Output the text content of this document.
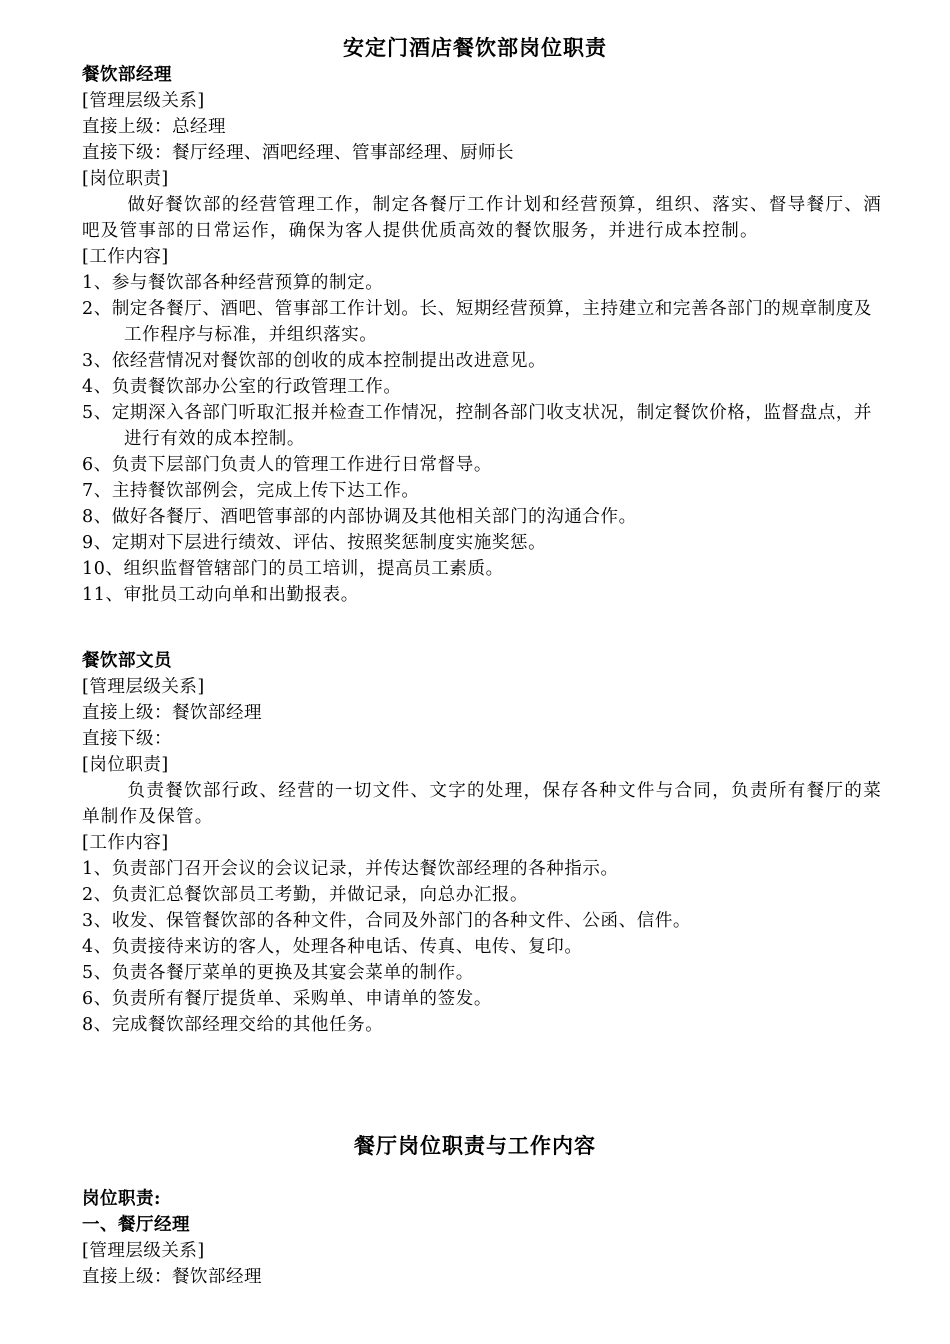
安定门酒店餐饮部岗位职责
餐饮部经理
[管理层级关系]
直接上级：总经理
直接下级：餐厅经理、酒吧经理、管事部经理、厨师长
[岗位职责]
做好餐饮部的经营管理工作，制定各餐厅工作计划和经营预算，组织、落实、督导餐厅、酒吧及管事部的日常运作，确保为客人提供优质高效的餐饮服务，并进行成本控制。
[工作内容]
1、参与餐饮部各种经营预算的制定。
2、制定各餐厅、酒吧、管事部工作计划。长、短期经营预算，主持建立和完善各部门的规章制度及工作程序与标准，并组织落实。
3、依经营情况对餐饮部的创收的成本控制提出改进意见。
4、负责餐饮部办公室的行政管理工作。
5、定期深入各部门听取汇报并检查工作情况，控制各部门收支状况，制定餐饮价格，监督盘点，并进行有效的成本控制。
6、负责下层部门负责人的管理工作进行日常督导。
7、主持餐饮部例会，完成上传下达工作。
8、做好各餐厅、酒吧管事部的内部协调及其他相关部门的沟通合作。
9、定期对下层进行绩效、评估、按照奖惩制度实施奖惩。
10、组织监督管辖部门的员工培训，提高员工素质。
11、审批员工动向单和出勤报表。
餐饮部文员
[管理层级关系]
直接上级：餐饮部经理
直接下级：
[岗位职责]
负责餐饮部行政、经营的一切文件、文字的处理，保存各种文件与合同，负责所有餐厅的菜单制作及保管。
[工作内容]
1、负责部门召开会议的会议记录，并传达餐饮部经理的各种指示。
2、负责汇总餐饮部员工考勤，并做记录，向总办汇报。
3、收发、保管餐饮部的各种文件，合同及外部门的各种文件、公函、信件。
4、负责接待来访的客人，处理各种电话、传真、电传、复印。
5、负责各餐厅菜单的更换及其宴会菜单的制作。
6、负责所有餐厅提货单、采购单、申请单的签发。
8、完成餐饮部经理交给的其他任务。
餐厅岗位职责与工作内容
岗位职责:
一、餐厅经理
[管理层级关系]
直接上级：餐饮部经理
